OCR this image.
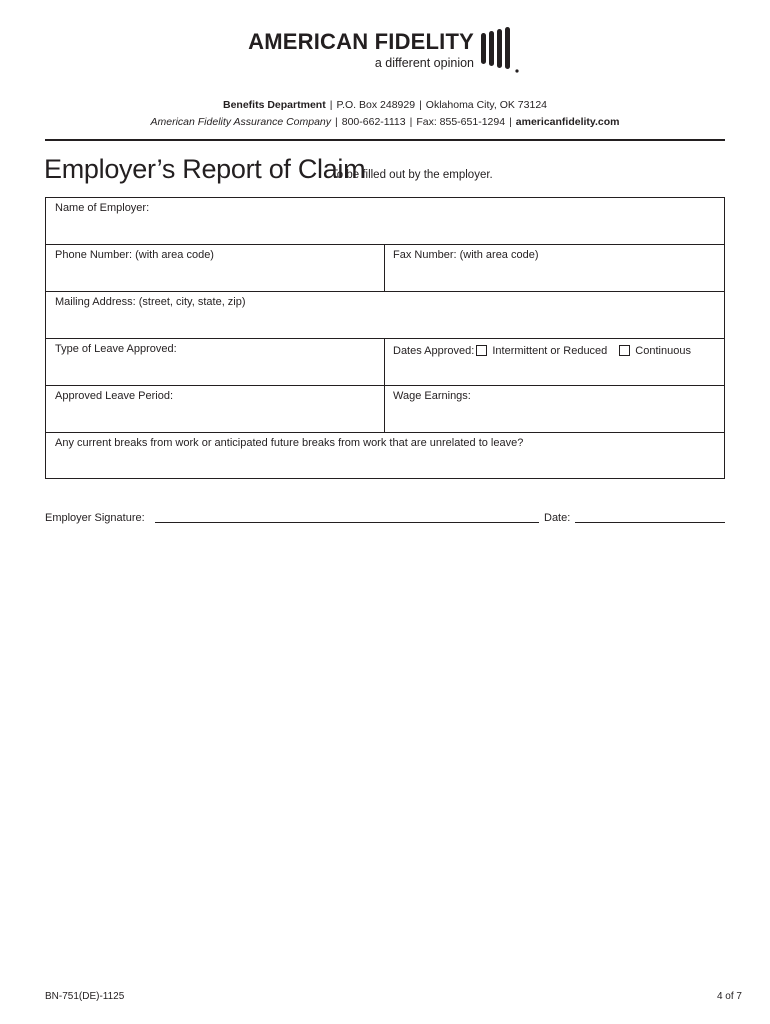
AMERICAN FIDELITY
a different opinion
Benefits Department | P.O. Box 248929 | Oklahoma City, OK 73124
American Fidelity Assurance Company | 800-662-1113 | Fax: 855-651-1294 | americanfidelity.com
Employer’s Report of Claim
To be filled out by the employer.
Name of Employer:
Phone Number: (with area code)	Fax Number: (with area code)
Mailing Address: (street, city, state, zip)
Type of Leave Approved:	Dates Approved: Intermittent or Reduced	Continuous
Approved Leave Period:	Wage Earnings:
Any current breaks from work or anticipated future breaks from work that are unrelated to leave?
Employer Signature:	Date:
BN-751(DE)-1125	4 of 7
